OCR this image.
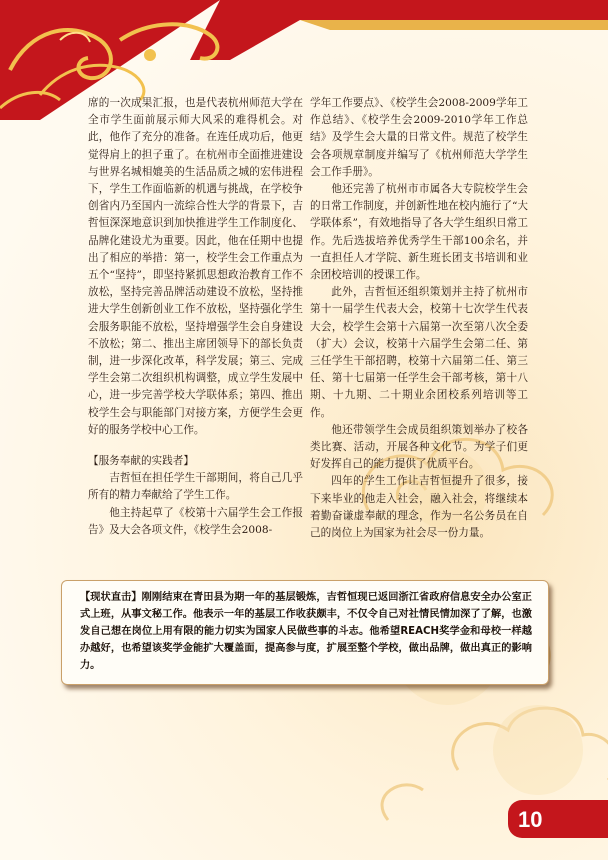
席的一次成果汇报，也是代表杭州师范大学在全市学生面前展示师大风采的难得机会。对此，他作了充分的准备。在连任成功后，他更觉得肩上的担子重了。在杭州市全面推进建设与世界名城相媲美的生活品质之城的宏伟进程下，学生工作面临新的机遇与挑战，在学校争创省内乃至国内一流综合性大学的背景下，吉哲恒深深地意识到加快推进学生工作制度化、品牌化建设尤为重要。因此，他在任期中也提出了相应的举措：第一，校学生会工作重点为五个“坚持”，即坚持紧抓思想政治教育工作不放松，坚持完善品牌活动建设不放松，坚持推进大学生创新创业工作不放松，坚持强化学生会服务职能不放松，坚持增强学生会自身建设不放松；第二、推出主席团领导下的部长负责制，进一步深化改革，科学发展；第三、完成学生会第二次组织机构调整，成立学生发展中心，进一步完善学校大学联体系；第四、推出校学生会与职能部门对接方案，方便学生会更好的服务学校中心工作。

【服务奉献的实践者】

吉哲恒在担任学生干部期间，将自己几乎所有的精力奉献给了学生工作。

他主持起草了《校第十六届学生会工作报告》及大会各项文件，《校学生会2008-

学年工作要点》、《校学生会2008-2009学年工作总结》、《校学生会2009-2010学年工作总结》及学生会大量的日常文件。规范了校学生会各项规章制度并编写了《杭州师范大学学生会工作手册》。

他还完善了杭州市市属各大专院校学生会的日常工作制度，并创新性地在校内施行了“大学联体系”，有效地指导了各大学生组织日常工作。先后选拔培养优秀学生干部100余名，并一直担任人才学院、新生班长团支书培训和业余团校培训的授课工作。

此外，吉哲恒还组织策划并主持了杭州市第十一届学生代表大会，校第十七次学生代表大会，校学生会第十六届第一次至第八次全委（扩大）会议，校第十六届学生会第二任、第三任学生干部招聘，校第十六届第二任、第三任、第十七届第一任学生会干部考核，第十八期、十九期、二十期业余团校系列培训等工作。

他还带领学生会成员组织策划举办了校各类比赛、活动，开展各种文化节。为学子们更好发挥自己的能力提供了优质平台。

四年的学生工作让吉哲恒提升了很多，接下来毕业的他走入社会，融入社会，将继续本着勤奋谦虚奉献的理念，作为一名公务员在自己的岗位上为国家为社会尽一份力量。

【现状直击】刚刚结束在青田县为期一年的基层锻炼，吉哲恒现已返回浙江省政府信息安全办公室正式上班，从事文秘工作。他表示一年的基层工作收获颇丰，不仅令自己对社情民情加深了了解，也激发自己想在岗位上用有限的能力切实为国家人民做些事的斗志。他希望REACH奖学金和母校一样越办越好，也希望该奖学金能扩大覆盖面，提高参与度，扩展至整个学校，做出品牌，做出真正的影响力。
10
